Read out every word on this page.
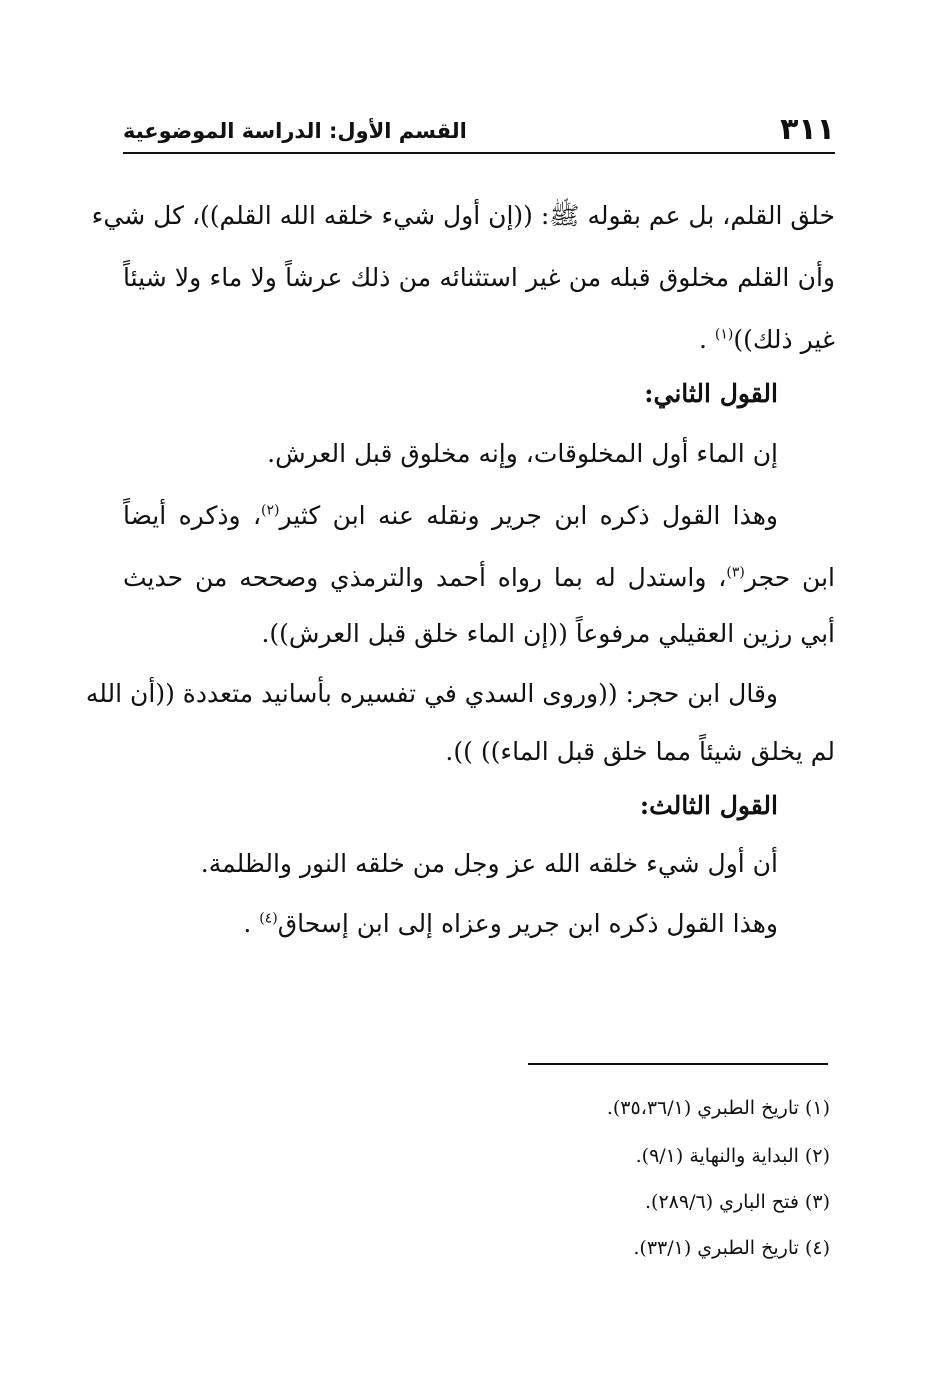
٣١١
القسم الأول: الدراسة الموضوعية
خلق القلم، بل عم بقوله ﷺ: ((إن أول شيء خلقه الله القلم))، كل شيء
وأن القلم مخلوق قبله من غير استثنائه من ذلك عرشاً ولا ماء ولا شيئاً
غير ذلك))$^{(١)}$ .
القول الثاني:
إن الماء أول المخلوقات، وإنه مخلوق قبل العرش.
وهذا القول ذكره ابن جرير ونقله عنه ابن كثير$^{(٢)}$، وذكره أيضاً
ابن حجر$^{(٣)}$، واستدل له بما رواه أحمد والترمذي وصححه من حديث
أبي رزين العقيلي مرفوعاً ((إن الماء خلق قبل العرش)).
وقال ابن حجر: ((وروى السدي في تفسيره بأسانيد متعددة ((أن الله
لم يخلق شيئاً مما خلق قبل الماء)) )).
القول الثالث:
أن أول شيء خلقه الله عز وجل من خلقه النور والظلمة.
وهذا القول ذكره ابن جرير وعزاه إلى ابن إسحاق$^{(٤)}$ .
(١) تاريخ الطبري (٣٥،٣٦/١).
(٢) البداية والنهاية (٩/١).
(٣) فتح الباري (٢٨٩/٦).
(٤) تاريخ الطبري (٣٣/١).
